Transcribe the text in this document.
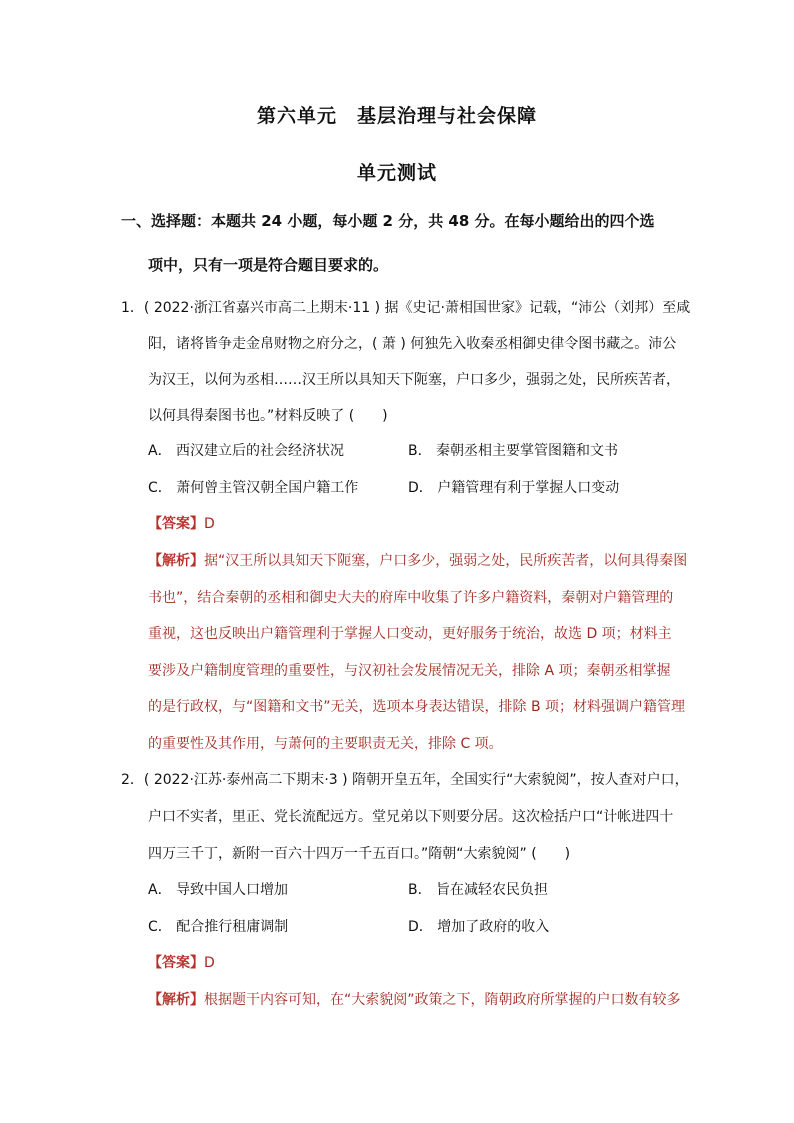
第六单元　基层治理与社会保障
单元测试
一、选择题：本题共 24 小题，每小题 2 分，共 48 分。在每小题给出的四个选
项中，只有一项是符合题目要求的。
1．( 2022·浙江省嘉兴市高二上期末·11 ) 据《史记·萧相国世家》记载，“沛公（刘邦）至咸
阳，诸将皆争走金帛财物之府分之，( 萧 ) 何独先入收秦丞相御史律令图书藏之。沛公
为汉王，以何为丞相……汉王所以具知天下阨塞，户口多少，强弱之处，民所疾苦者，
以何具得秦图书也。”材料反映了 (　　)
A． 西汉建立后的社会经济状况	B． 秦朝丞相主要掌管图籍和文书
C． 萧何曾主管汉朝全国户籍工作	D． 户籍管理有利于掌握人口变动
【答案】D
【解析】据“汉王所以具知天下阨塞，户口多少，强弱之处，民所疾苦者，以何具得秦图
书也”，结合秦朝的丞相和御史大夫的府库中收集了许多户籍资料，秦朝对户籍管理的
重视，这也反映出户籍管理利于掌握人口变动，更好服务于统治，故选 D 项；材料主
要涉及户籍制度管理的重要性，与汉初社会发展情况无关，排除 A 项；秦朝丞相掌握
的是行政权，与“图籍和文书”无关，选项本身表达错误，排除 B 项；材料强调户籍管理
的重要性及其作用，与萧何的主要职责无关，排除 C 项。
2．( 2022·江苏·泰州高二下期末·3 ) 隋朝开皇五年，全国实行“大索貌阅”，按人查对户口，
户口不实者，里正、党长流配远方。堂兄弟以下则要分居。这次检括户口“计帐进四十
四万三千丁，新附一百六十四万一千五百口。”隋朝“大索貌阅” (　　)
A． 导致中国人口增加	B． 旨在减轻农民负担
C． 配合推行租庸调制	D． 增加了政府的收入
【答案】D
【解析】根据题干内容可知，在“大索貌阅”政策之下，隋朝政府所掌握的户口数有较多
